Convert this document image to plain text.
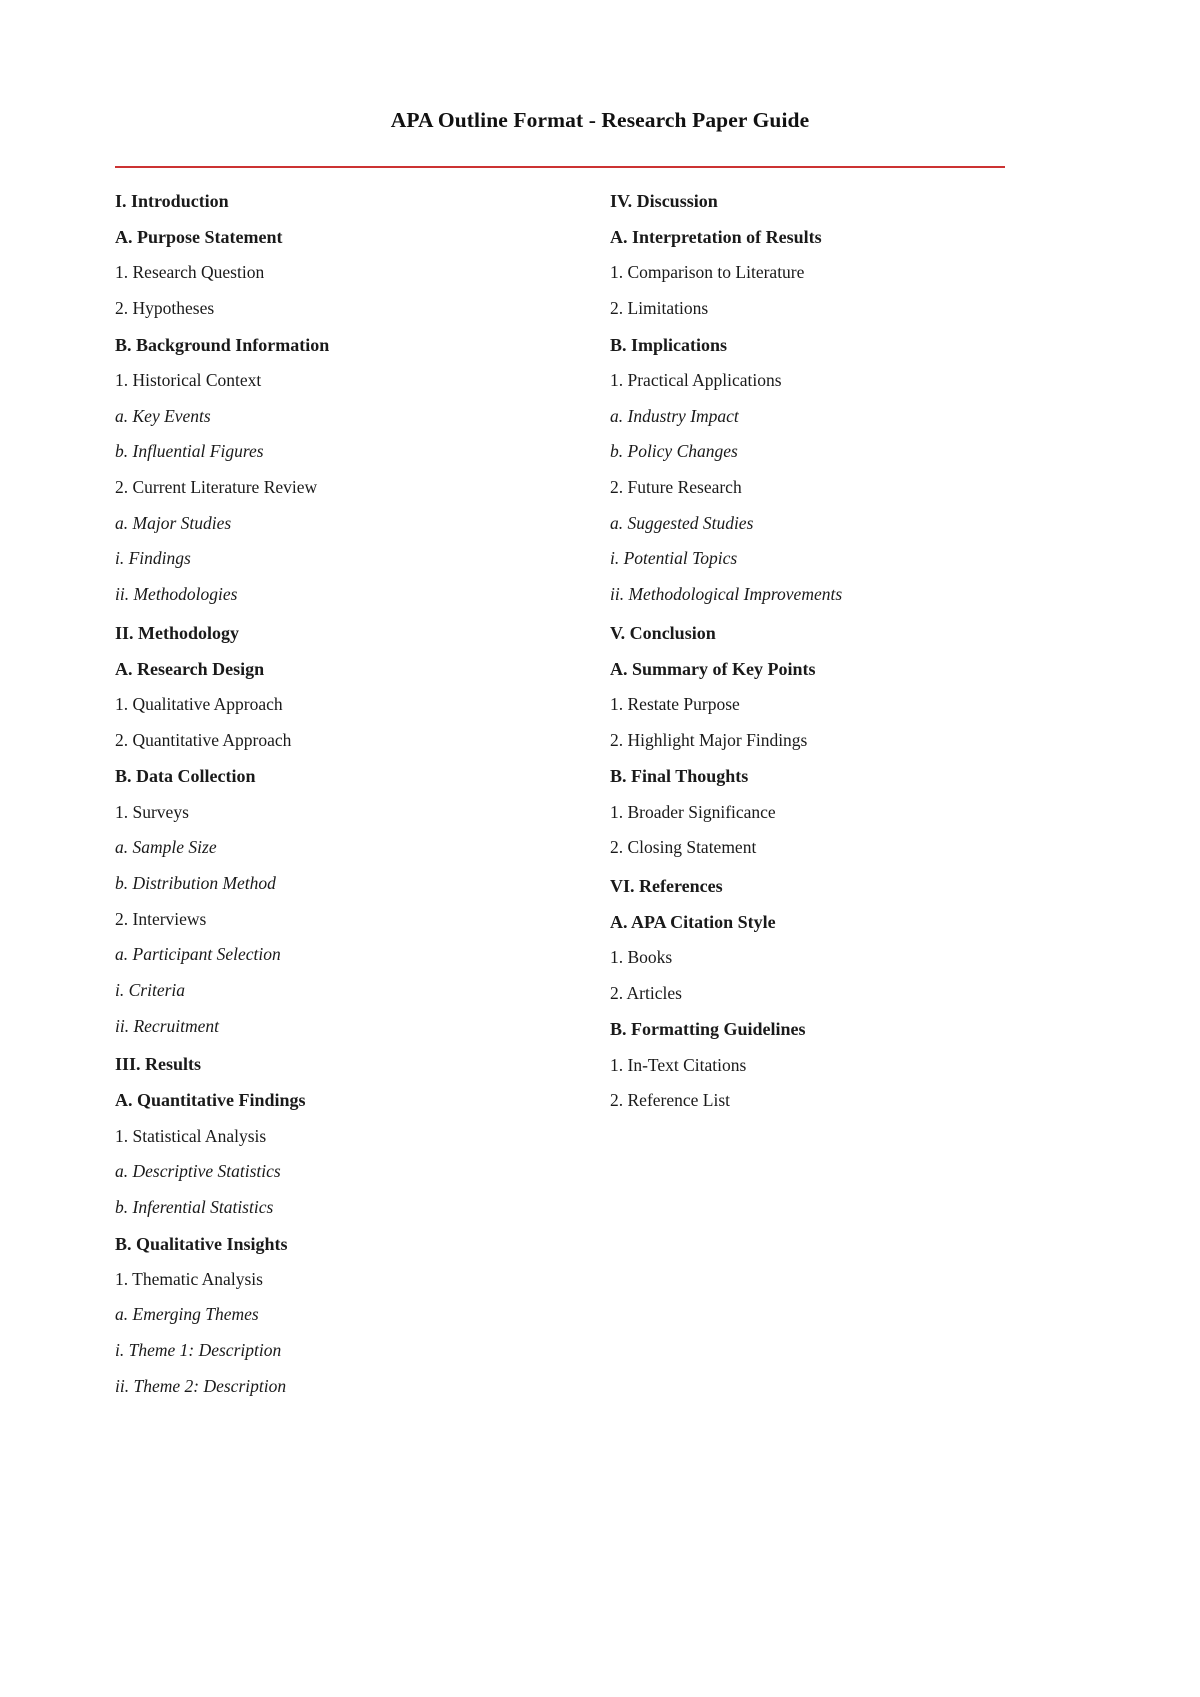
APA Outline Format - Research Paper Guide
I. Introduction
A. Purpose Statement
1. Research Question
2. Hypotheses
B. Background Information
1. Historical Context
a. Key Events
b. Influential Figures
2. Current Literature Review
a. Major Studies
i. Findings
ii. Methodologies
II. Methodology
A. Research Design
1. Qualitative Approach
2. Quantitative Approach
B. Data Collection
1. Surveys
a. Sample Size
b. Distribution Method
2. Interviews
a. Participant Selection
i. Criteria
ii. Recruitment
III. Results
A. Quantitative Findings
1. Statistical Analysis
a. Descriptive Statistics
b. Inferential Statistics
B. Qualitative Insights
1. Thematic Analysis
a. Emerging Themes
i. Theme 1: Description
ii. Theme 2: Description
IV. Discussion
A. Interpretation of Results
1. Comparison to Literature
2. Limitations
B. Implications
1. Practical Applications
a. Industry Impact
b. Policy Changes
2. Future Research
a. Suggested Studies
i. Potential Topics
ii. Methodological Improvements
V. Conclusion
A. Summary of Key Points
1. Restate Purpose
2. Highlight Major Findings
B. Final Thoughts
1. Broader Significance
2. Closing Statement
VI. References
A. APA Citation Style
1. Books
2. Articles
B. Formatting Guidelines
1. In-Text Citations
2. Reference List
